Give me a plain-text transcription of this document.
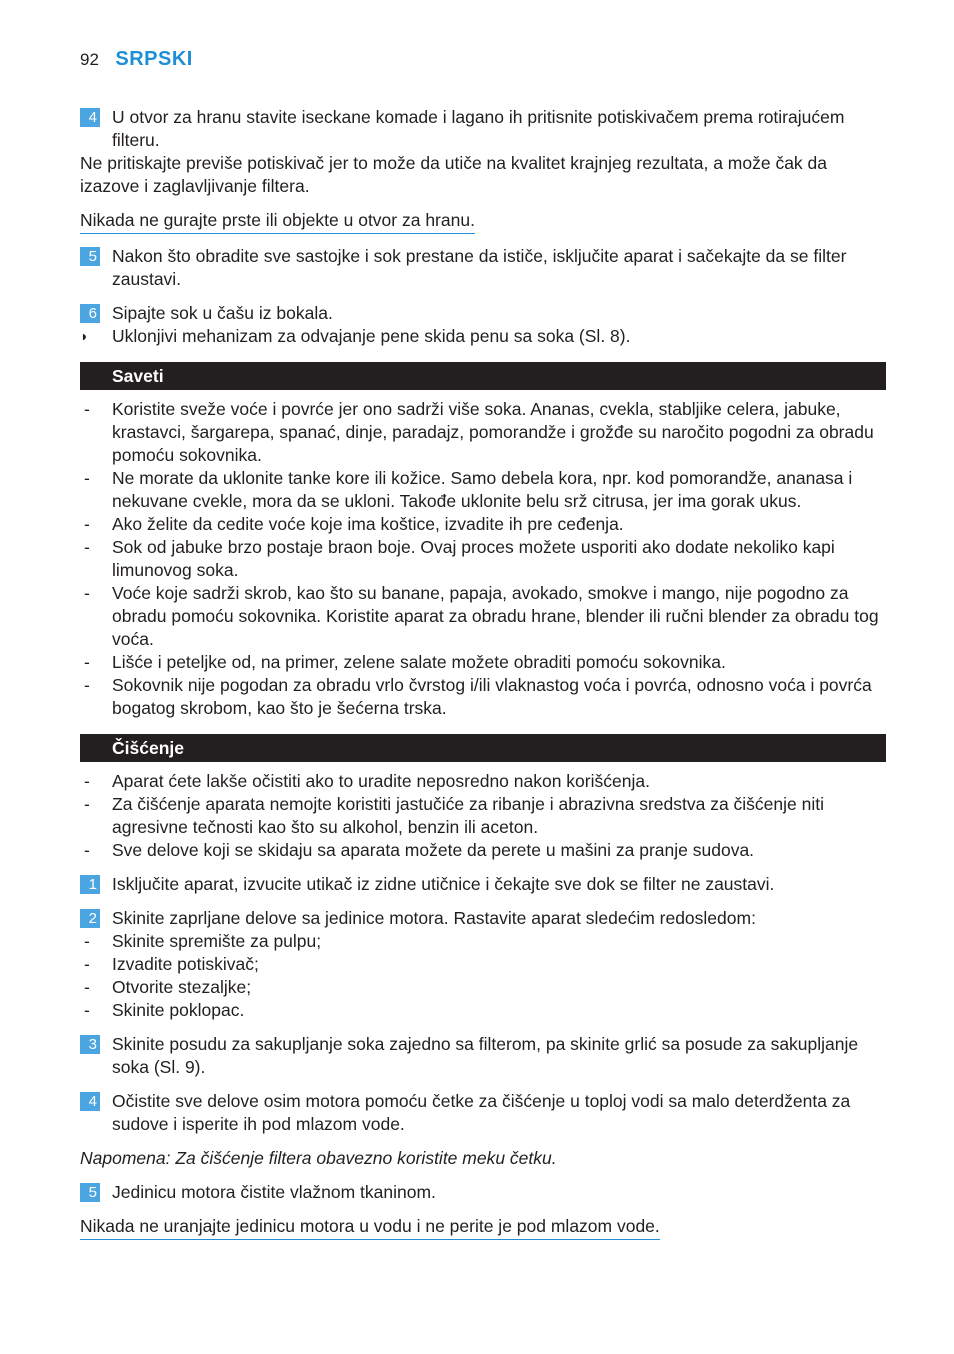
92 SRPSKI
4 U otvor za hranu stavite iseckane komade i lagano ih pritisnite potiskivačem prema rotirajućem filteru.

Ne pritiskajte previše potiskivač jer to može da utiče na kvalitet krajnjeg rezultata, a može čak da izazove i zaglavljivanje filtera.

Nikada ne gurajte prste ili objekte u otvor za hranu.
5 Nakon što obradite sve sastojke i sok prestane da ističe, isključite aparat i sačekajte da se filter zaustavi.
6 Sipajte sok u čašu iz bokala.
◗	Uklonjivi mehanizam za odvajanje pene skida penu sa soka (Sl. 8).
Saveti
-	Koristite sveže voće i povrće jer ono sadrži više soka. Ananas, cvekla, stabljike celera, jabuke, krastavci, šargarepa, spanać, dinje, paradajz, pomorandže i grožđe su naročito pogodni za obradu pomoću sokovnika.
-	Ne morate da uklonite tanke kore ili kožice. Samo debela kora, npr. kod pomorandže, ananasa i nekuvane cvekle, mora da se ukloni. Takođe uklonite belu srž citrusa, jer ima gorak ukus.
-	Ako želite da cedite voće koje ima koštice, izvadite ih pre ceđenja.
-	Sok od jabuke brzo postaje braon boje. Ovaj proces možete usporiti ako dodate nekoliko kapi limunovog soka.
-	Voće koje sadrži skrob, kao što su banane, papaja, avokado, smokve i mango, nije pogodno za obradu pomoću sokovnika. Koristite aparat za obradu hrane, blender ili ručni blender za obradu tog voća.
-	Lišće i peteljke od, na primer, zelene salate možete obraditi pomoću sokovnika.
-	Sokovnik nije pogodan za obradu vrlo čvrstog i/ili vlaknastog voća i povrća, odnosno voća i povrća bogatog skrobom, kao što je šećerna trska.
Čišćenje
-	Aparat ćete lakše očistiti ako to uradite neposredno nakon korišćenja.
-	Za čišćenje aparata nemojte koristiti jastučiće za ribanje i abrazivna sredstva za čišćenje niti agresivne tečnosti kao što su alkohol, benzin ili aceton.
-	Sve delove koji se skidaju sa aparata možete da perete u mašini za pranje sudova.
1 Isključite aparat, izvucite utikač iz zidne utičnice i čekajte sve dok se filter ne zaustavi.
2 Skinite zaprljane delove sa jedinice motora. Rastavite aparat sledećim redosledom:
-	Skinite spremište za pulpu;
-	Izvadite potiskivač;
-	Otvorite stezaljke;
-	Skinite poklopac.
3 Skinite posudu za sakupljanje soka zajedno sa filterom, pa skinite grlić sa posude za sakupljanje soka (Sl. 9).
4 Očistite sve delove osim motora pomoću četke za čišćenje u toploj vodi sa malo deterdženta za sudove i isperite ih pod mlazom vode.

Napomena: Za čišćenje filtera obavezno koristite meku četku.

5 Jedinicu motora čistite vlažnom tkaninom.
Nikada ne uranjajte jedinicu motora u vodu i ne perite je pod mlazom vode.
